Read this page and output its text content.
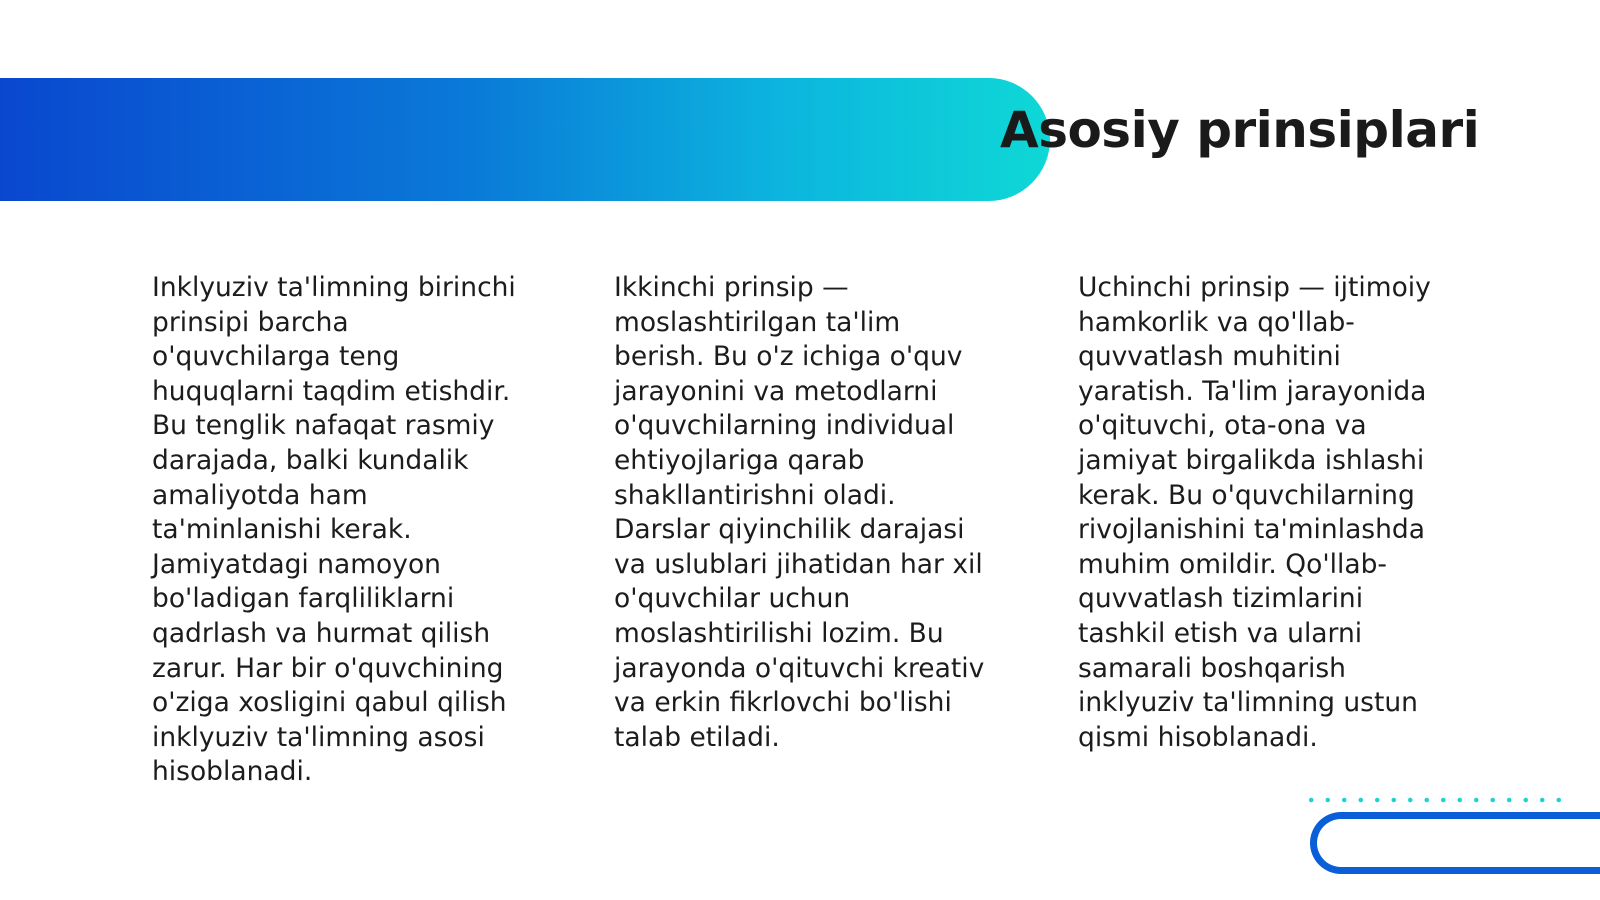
Asosiy prinsiplari

Inklyuziv ta'limning birinchi prinsipi barcha o'quvchilarga teng huquqlarni taqdim etishdir. Bu tenglik nafaqat rasmiy darajada, balki kundalik amaliyotda ham ta'minlanishi kerak. Jamiyatdagi namoyon bo'ladigan farqliliklarni qadrlash va hurmat qilish zarur. Har bir o'quvchining o'ziga xosligini qabul qilish inklyuziv ta'limning asosi hisoblanadi.

Ikkinchi prinsip — moslashtirilgan ta'lim berish. Bu o'z ichiga o'quv jarayonini va metodlarni o'quvchilarning individual ehtiyojlariga qarab shakllantirishni oladi. Darslar qiyinchilik darajasi va uslublari jihatidan har xil o'quvchilar uchun moslashtirilishi lozim. Bu jarayonda o'qituvchi kreativ va erkin fikrlovchi bo'lishi talab etiladi.

Uchinchi prinsip — ijtimoiy hamkorlik va qo'llab-quvvatlash muhitini yaratish. Ta'lim jarayonida o'qituvchi, ota-ona va jamiyat birgalikda ishlashi kerak. Bu o'quvchilarning rivojlanishini ta'minlashda muhim omildir. Qo'llab-quvvatlash tizimlarini tashkil etish va ularni samarali boshqarish inklyuziv ta'limning ustun qismi hisoblanadi.
